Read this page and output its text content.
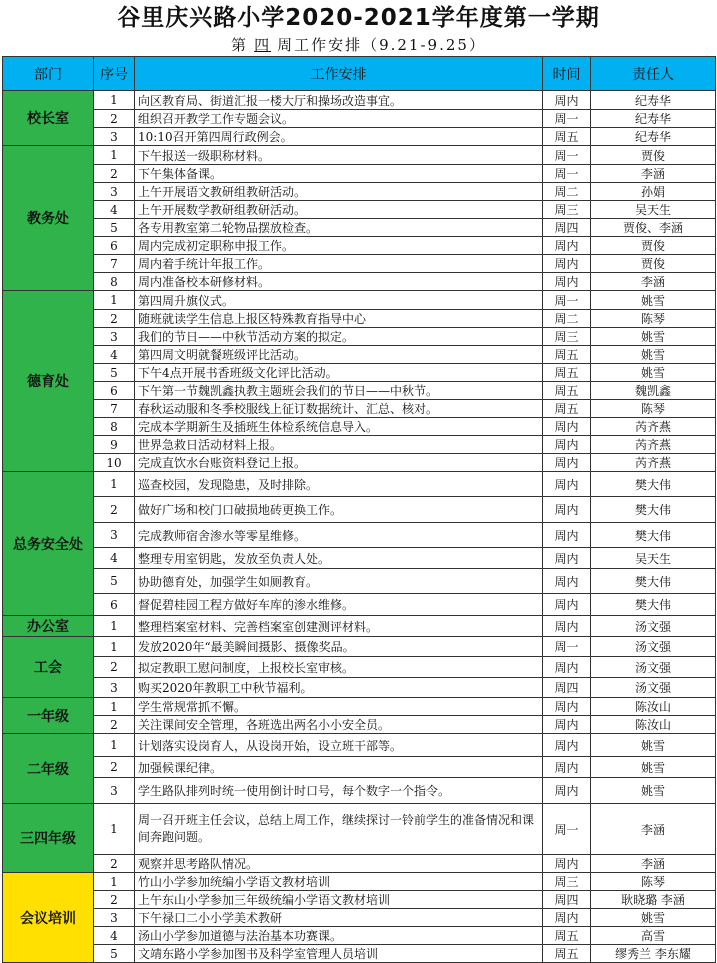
谷里庆兴路小学2020-2021学年度第一学期
第 四 周工作安排（9.21-9.25）
部门	序号	工作安排	时间	责任人
校长室	1	向区教育局、街道汇报一楼大厅和操场改造事宜。	周内	纪寿华
	2	组织召开教学工作专题会议。	周一	纪寿华
	3	10:10召开第四周行政例会。	周五	纪寿华
教务处	1	下午报送一级职称材料。	周一	贾俊
	2	下午集体备课。	周一	李涵
	3	上午开展语文教研组教研活动。	周二	孙娟
	4	上午开展数学教研组教研活动。	周三	吴天生
	5	各专用教室第二轮物品摆放检查。	周四	贾俊、李涵
	6	周内完成初定职称申报工作。	周内	贾俊
	7	周内着手统计年报工作。	周内	贾俊
	8	周内准备校本研修材料。	周内	李涵
德育处	1	第四周升旗仪式。	周一	姚雪
	2	随班就读学生信息上报区特殊教育指导中心	周二	陈琴
	3	我们的节日——中秋节活动方案的拟定。	周三	姚雪
	4	第四周文明就餐班级评比活动。	周五	姚雪
	5	下午4点开展书香班级文化评比活动。	周五	姚雪
	6	下午第一节魏凯鑫执教主题班会我们的节日——中秋节。	周五	魏凯鑫
	7	春秋运动服和冬季校服线上征订数据统计、汇总、核对。	周五	陈琴
	8	完成本学期新生及插班生体检系统信息导入。	周内	芮齐燕
	9	世界急救日活动材料上报。	周内	芮齐燕
	10	完成直饮水台账资料登记上报。	周内	芮齐燕
总务安全处	1	巡查校园，发现隐患，及时排除。	周内	樊大伟
	2	做好广场和校门口破损地砖更换工作。	周内	樊大伟
	3	完成教师宿舍渗水等零星维修。	周内	樊大伟
	4	整理专用室钥匙，发放至负责人处。	周内	吴天生
	5	协助德育处，加强学生如厕教育。	周内	樊大伟
	6	督促碧桂园工程方做好车库的渗水维修。	周内	樊大伟
办公室	1	整理档案室材料、完善档案室创建测评材料。	周内	汤文强
工会	1	发放2020年“最美瞬间摄影、摄像奖品。	周一	汤文强
	2	拟定教职工慰问制度，上报校长室审核。	周内	汤文强
	3	购买2020年教职工中秋节福利。	周四	汤文强
一年级	1	学生常规常抓不懈。	周内	陈汝山
	2	关注课间安全管理，各班选出两名小小安全员。	周内	陈汝山
二年级	1	计划落实设岗育人，从设岗开始，设立班干部等。	周内	姚雪
	2	加强候课纪律。	周内	姚雪
	3	学生路队排列时统一使用倒计时口号，每个数字一个指令。	周内	姚雪
三四年级	1	周一召开班主任会议，总结上周工作，继续探讨一铃前学生的准备情况和课间奔跑问题。	周一	李涵
	2	观察并思考路队情况。	周内	李涵
会议培训	1	竹山小学参加统编小学语文教材培训	周三	陈琴
	2	上午东山小学参加三年级统编小学语文教材培训	周四	耿晓璐 李涵
	3	下午禄口二小小学美术教研	周内	姚雪
	4	汤山小学参加道德与法治基本功赛课。	周五	高雪
	5	文靖东路小学参加图书及科学室管理人员培训	周五	缪秀兰 李东耀
